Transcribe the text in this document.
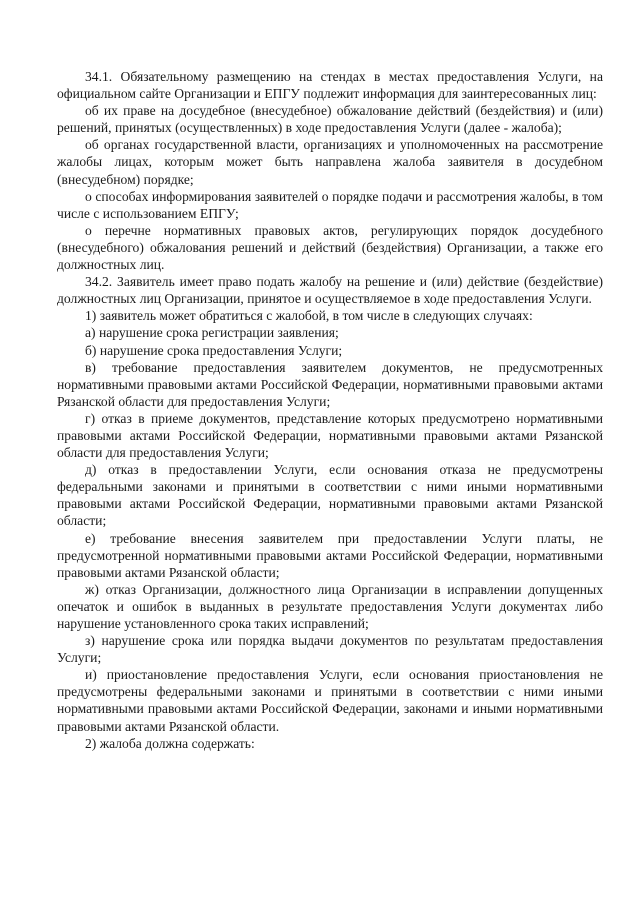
34.1. Обязательному размещению на стендах в местах предоставления Услуги, на официальном сайте Организации и ЕПГУ подлежит информация для заинтересованных лиц:

об их праве на досудебное (внесудебное) обжалование действий (бездействия) и (или) решений, принятых (осуществленных) в ходе предоставления Услуги (далее - жалоба);

об органах государственной власти, организациях и уполномоченных на рассмотрение жалобы лицах, которым может быть направлена жалоба заявителя в досудебном (внесудебном) порядке;

о способах информирования заявителей о порядке подачи и рассмотрения жалобы, в том числе с использованием ЕПГУ;

о перечне нормативных правовых актов, регулирующих порядок досудебного (внесудебного) обжалования решений и действий (бездействия) Организации, а также его должностных лиц.

34.2. Заявитель имеет право подать жалобу на решение и (или) действие (бездействие) должностных лиц Организации, принятое и осуществляемое в ходе предоставления Услуги.

1) заявитель может обратиться с жалобой, в том числе в следующих случаях:

а) нарушение срока регистрации заявления;

б) нарушение срока предоставления Услуги;

в) требование предоставления заявителем документов, не предусмотренных нормативными правовыми актами Российской Федерации, нормативными правовыми актами Рязанской области для предоставления Услуги;

г) отказ в приеме документов, представление которых предусмотрено нормативными правовыми актами Российской Федерации, нормативными правовыми актами Рязанской области для предоставления Услуги;

д) отказ в предоставлении Услуги, если основания отказа не предусмотрены федеральными законами и принятыми в соответствии с ними иными нормативными правовыми актами Российской Федерации, нормативными правовыми актами Рязанской области;

е) требование внесения заявителем при предоставлении Услуги платы, не предусмотренной нормативными правовыми актами Российской Федерации, нормативными правовыми актами Рязанской области;

ж) отказ Организации, должностного лица Организации в исправлении допущенных опечаток и ошибок в выданных в результате предоставления Услуги документах либо нарушение установленного срока таких исправлений;

з) нарушение срока или порядка выдачи документов по результатам предоставления Услуги;

и) приостановление предоставления Услуги, если основания приостановления не предусмотрены федеральными законами и принятыми в соответствии с ними иными нормативными правовыми актами Российской Федерации, законами и иными нормативными правовыми актами Рязанской области.

2) жалоба должна содержать:
